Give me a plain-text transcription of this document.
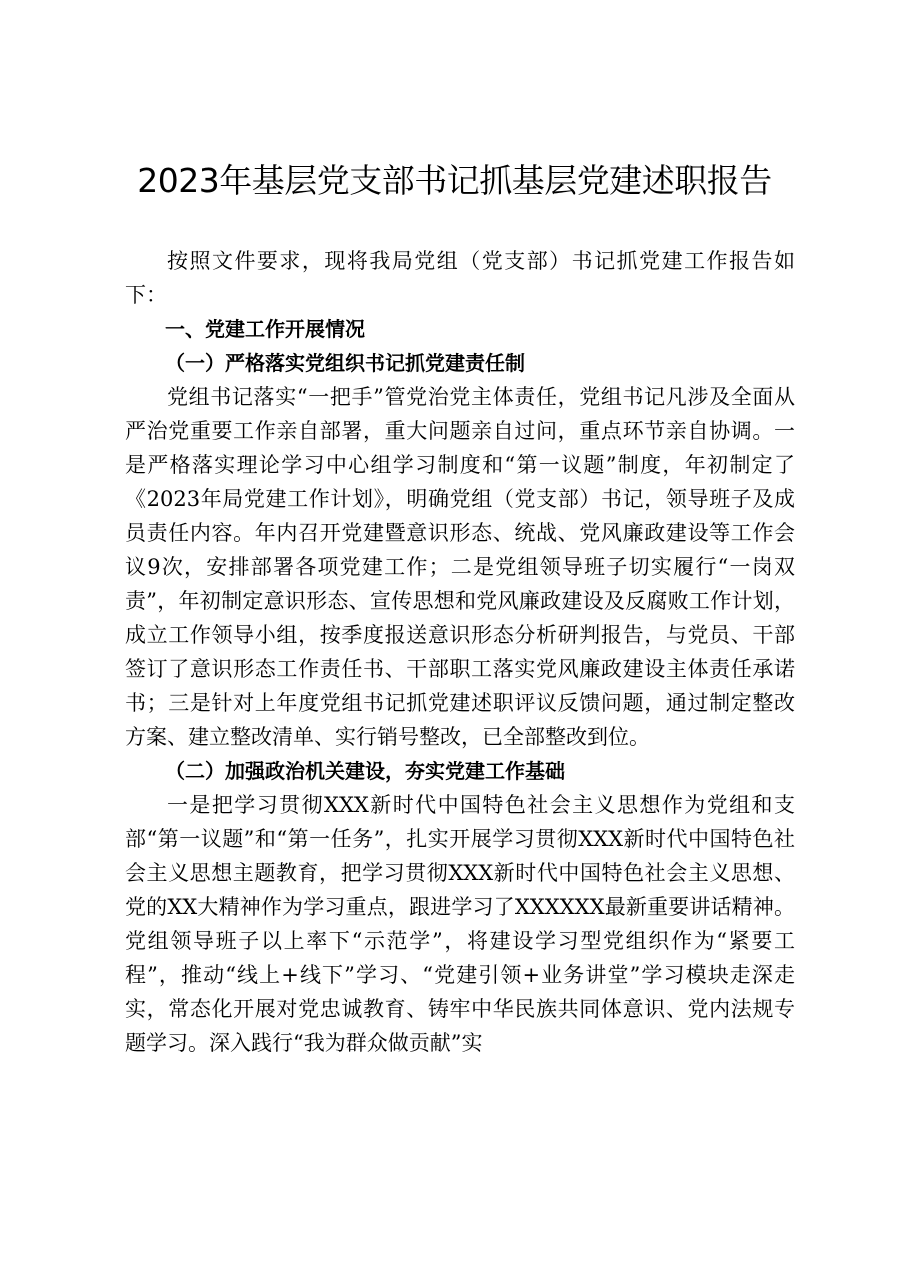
2023年基层党支部书记抓基层党建述职报告

按照文件要求，现将我局党组（党支部）书记抓党建工作报告如下：

一、党建工作开展情况

（一）严格落实党组织书记抓党建责任制

党组书记落实“一把手”管党治党主体责任，党组书记凡涉及全面从严治党重要工作亲自部署，重大问题亲自过问，重点环节亲自协调。一是严格落实理论学习中心组学习制度和“第一议题”制度，年初制定了《2023年局党建工作计划》，明确党组（党支部）书记，领导班子及成员责任内容。年内召开党建暨意识形态、统战、党风廉政建设等工作会议9次，安排部署各项党建工作；二是党组领导班子切实履行“一岗双责”，年初制定意识形态、宣传思想和党风廉政建设及反腐败工作计划，成立工作领导小组，按季度报送意识形态分析研判报告，与党员、干部签订了意识形态工作责任书、干部职工落实党风廉政建设主体责任承诺书；三是针对上年度党组书记抓党建述职评议反馈问题，通过制定整改方案、建立整改清单、实行销号整改，已全部整改到位。

（二）加强政治机关建设，夯实党建工作基础

一是把学习贯彻XXX新时代中国特色社会主义思想作为党组和支部“第一议题”和“第一任务”，扎实开展学习贯彻XXX新时代中国特色社会主义思想主题教育，把学习贯彻XXX新时代中国特色社会主义思想、党的XX大精神作为学习重点，跟进学习了XXXXXX最新重要讲话精神。党组领导班子以上率下“示范学”，将建设学习型党组织作为“紧要工程”，推动“线上+线下”学习、“党建引领+业务讲堂”学习模块走深走实，常态化开展对党忠诚教育、铸牢中华民族共同体意识、党内法规专题学习。深入践行“我为群众做贡献”实
